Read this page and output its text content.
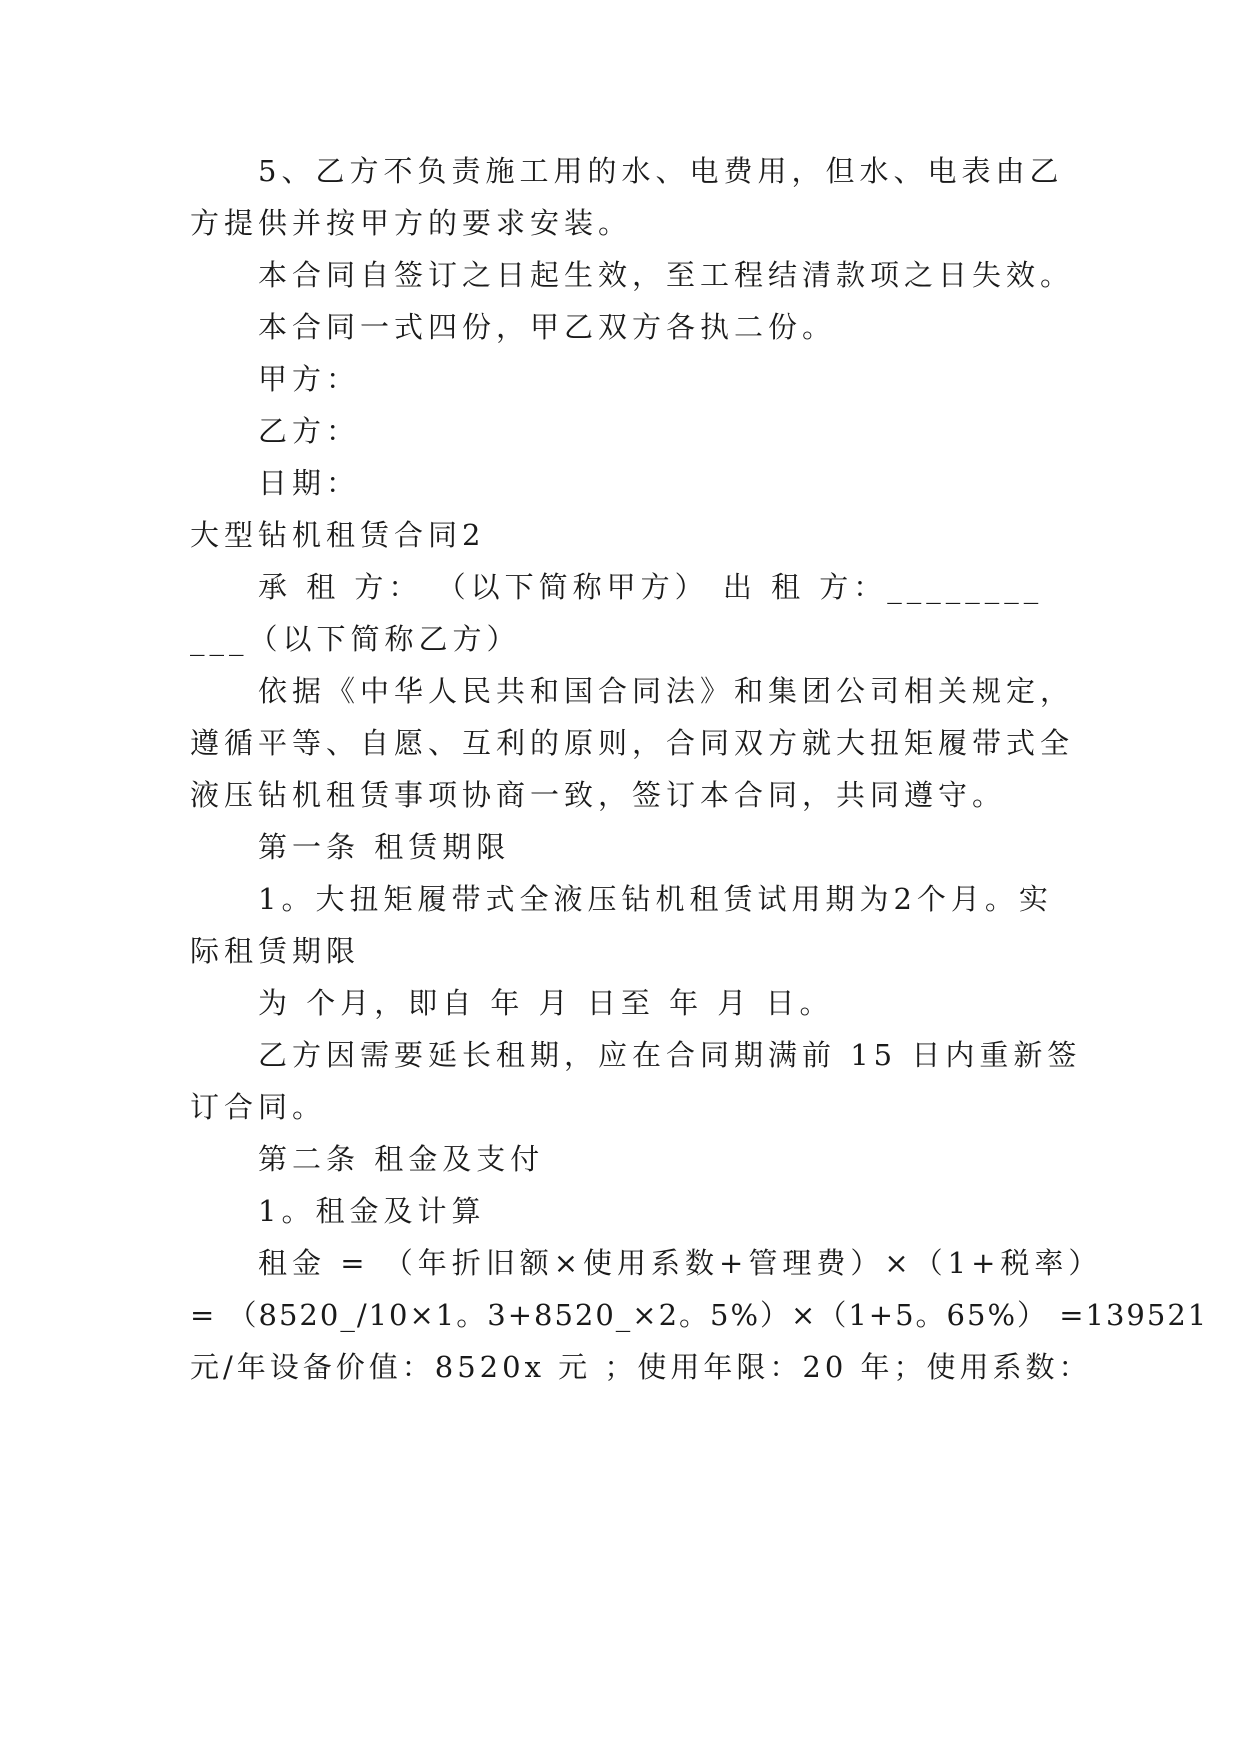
5、乙方不负责施工用的水、电费用，但水、电表由乙
方提供并按甲方的要求安装。
本合同自签订之日起生效，至工程结清款项之日失效。
本合同一式四份，甲乙双方各执二份。
甲方：
乙方：
日期：
大型钻机租赁合同2
承 租 方： （以下简称甲方） 出 租 方：________
___（以下简称乙方）
依据《中华人民共和国合同法》和集团公司相关规定，
遵循平等、自愿、互利的原则，合同双方就大扭矩履带式全
液压钻机租赁事项协商一致，签订本合同，共同遵守。
第一条 租赁期限
1。大扭矩履带式全液压钻机租赁试用期为2个月。实
际租赁期限
为 个月，即自 年 月 日至 年 月 日。
乙方因需要延长租期，应在合同期满前 15 日内重新签
订合同。
第二条 租金及支付
1。租金及计算
租金 = （年折旧额×使用系数+管理费）×（1+税率）
= （8520_/10×1。3+8520_×2。5%）×（1+5。65%） =139521
元/年设备价值：8520x 元 ；使用年限：20 年；使用系数：
